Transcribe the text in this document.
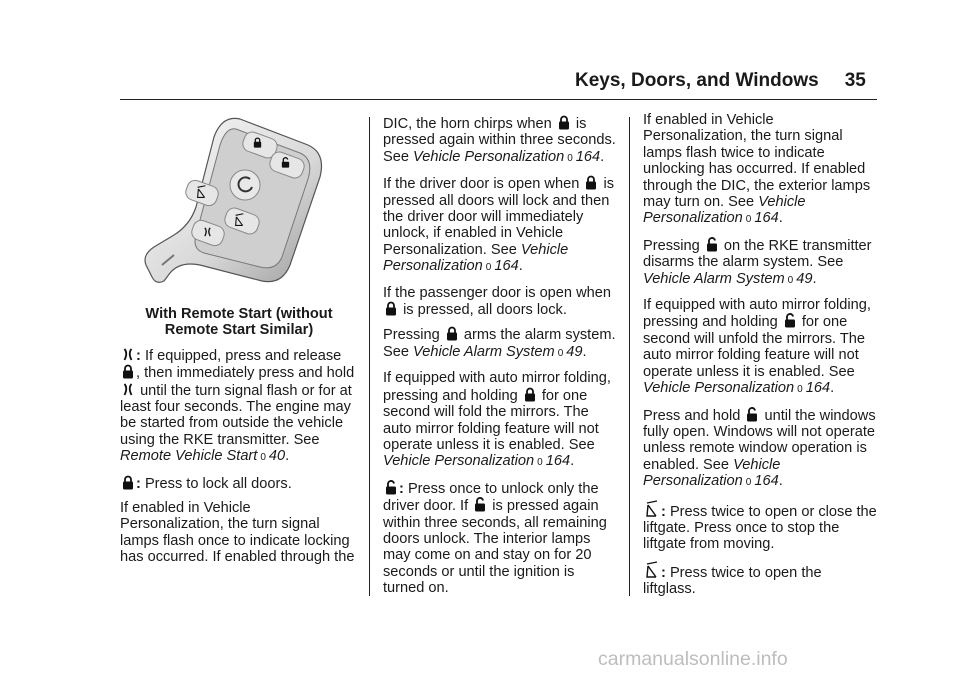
Keys, Doors, and Windows 35

With Remote Start (without Remote Start Similar)

: If equipped, press and release
, then immediately press and hold
until the turn signal flash or for at least four seconds. The engine may be started from outside the vehicle using the RKE transmitter. See Remote Vehicle Start 0 40.

: Press to lock all doors.

If enabled in Vehicle Personalization, the turn signal lamps flash once to indicate locking has occurred. If enabled through the

DIC, the horn chirps when is pressed again within three seconds. See Vehicle Personalization 0 164.

If the driver door is open when is pressed all doors will lock and then the driver door will immediately unlock, if enabled in Vehicle Personalization. See Vehicle Personalization 0 164.

If the passenger door is open when
is pressed, all doors lock.

Pressing arms the alarm system. See Vehicle Alarm System 0 49.

If equipped with auto mirror folding, pressing and holding for one second will fold the mirrors. The auto mirror folding feature will not operate unless it is enabled. See Vehicle Personalization 0 164.

: Press once to unlock only the driver door. If is pressed again within three seconds, all remaining doors unlock. The interior lamps may come on and stay on for 20 seconds or until the ignition is turned on.

If enabled in Vehicle Personalization, the turn signal lamps flash twice to indicate unlocking has occurred. If enabled through the DIC, the exterior lamps may turn on. See Vehicle Personalization 0 164.

Pressing on the RKE transmitter disarms the alarm system. See Vehicle Alarm System 0 49.

If equipped with auto mirror folding, pressing and holding for one second will unfold the mirrors. The auto mirror folding feature will not operate unless it is enabled. See Vehicle Personalization 0 164.

Press and hold until the windows fully open. Windows will not operate unless remote window operation is enabled. See Vehicle Personalization 0 164.

: Press twice to open or close the liftgate. Press once to stop the liftgate from moving.

: Press twice to open the liftglass.

carmanualsonline.info
